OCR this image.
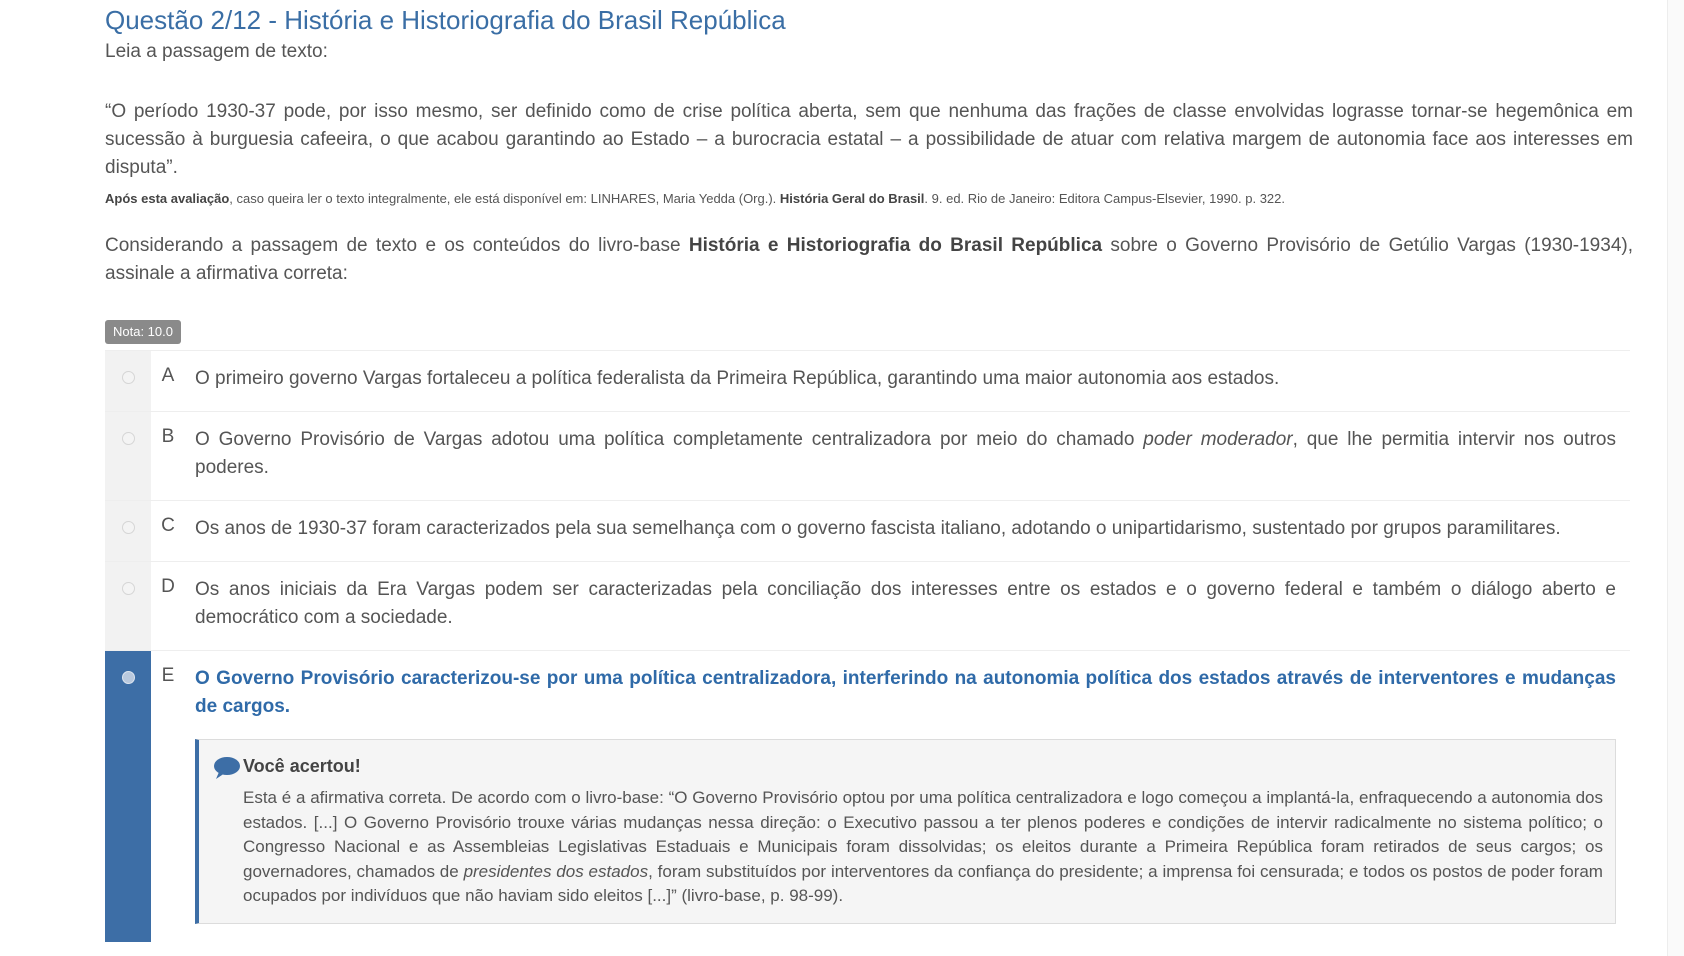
Questão 2/12 - História e Historiografia do Brasil República
Leia a passagem de texto:
“O período 1930-37 pode, por isso mesmo, ser definido como de crise política aberta, sem que nenhuma das frações de classe envolvidas lograsse tornar-se hegemônica em sucessão à burguesia cafeeira, o que acabou garantindo ao Estado – a burocracia estatal – a possibilidade de atuar com relativa margem de autonomia face aos interesses em disputa”.
Após esta avaliação, caso queira ler o texto integralmente, ele está disponível em: LINHARES, Maria Yedda (Org.). História Geral do Brasil. 9. ed. Rio de Janeiro: Editora Campus-Elsevier, 1990. p. 322.
Considerando a passagem de texto e os conteúdos do livro-base História e Historiografia do Brasil República sobre o Governo Provisório de Getúlio Vargas (1930-1934), assinale a afirmativa correta:
Nota: 10.0
A	O primeiro governo Vargas fortaleceu a política federalista da Primeira República, garantindo uma maior autonomia aos estados.
B	O Governo Provisório de Vargas adotou uma política completamente centralizadora por meio do chamado poder moderador, que lhe permitia intervir nos outros poderes.
C	Os anos de 1930-37 foram caracterizados pela sua semelhança com o governo fascista italiano, adotando o unipartidarismo, sustentado por grupos paramilitares.
D	Os anos iniciais da Era Vargas podem ser caracterizadas pela conciliação dos interesses entre os estados e o governo federal e também o diálogo aberto e democrático com a sociedade.
E	O Governo Provisório caracterizou-se por uma política centralizadora, interferindo na autonomia política dos estados através de interventores e mudanças de cargos.
Você acertou!
Esta é a afirmativa correta. De acordo com o livro-base: “O Governo Provisório optou por uma política centralizadora e logo começou a implantá-la, enfraquecendo a autonomia dos estados. [...] O Governo Provisório trouxe várias mudanças nessa direção: o Executivo passou a ter plenos poderes e condições de intervir radicalmente no sistema político; o Congresso Nacional e as Assembleias Legislativas Estaduais e Municipais foram dissolvidas; os eleitos durante a Primeira República foram retirados de seus cargos; os governadores, chamados de presidentes dos estados, foram substituídos por interventores da confiança do presidente; a imprensa foi censurada; e todos os postos de poder foram ocupados por indivíduos que não haviam sido eleitos [...]” (livro-base, p. 98-99).
